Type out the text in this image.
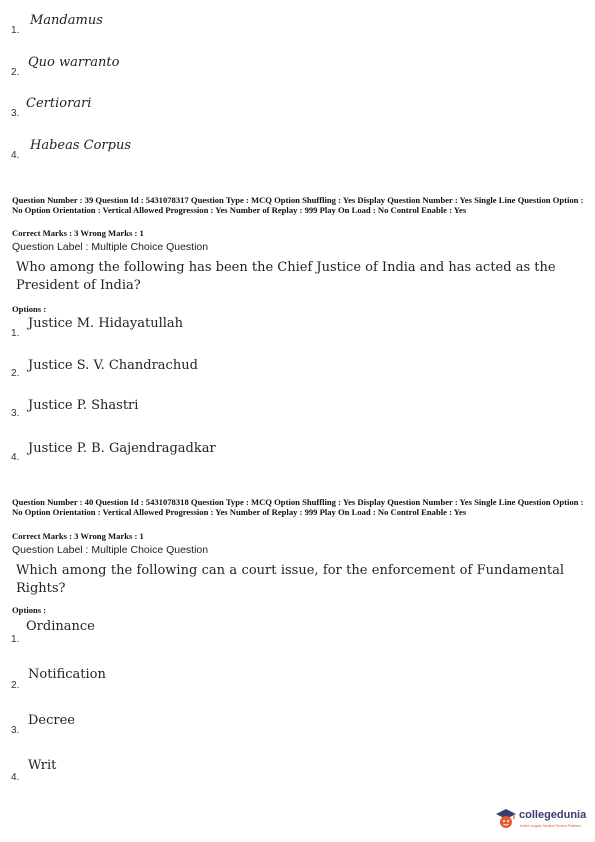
Mandamus
1.
Quo warranto
2.
Certiorari
3.
Habeas Corpus
4.
Question Number : 39 Question Id : 5431078317 Question Type : MCQ Option Shuffling : Yes Display Question Number : Yes Single Line Question Option : No Option Orientation : Vertical Allowed Progression : Yes Number of Replay : 999 Play On Load : No Control Enable : Yes
Correct Marks : 3 Wrong Marks : 1
Question Label : Multiple Choice Question
Who among the following has been the Chief Justice of India and has acted as the President of India?
Options :
Justice M. Hidayatullah
1.
Justice S. V. Chandrachud
2.
Justice P. Shastri
3.
Justice P. B. Gajendragadkar
4.
Question Number : 40 Question Id : 5431078318 Question Type : MCQ Option Shuffling : Yes Display Question Number : Yes Single Line Question Option : No Option Orientation : Vertical Allowed Progression : Yes Number of Replay : 999 Play On Load : No Control Enable : Yes
Correct Marks : 3 Wrong Marks : 1
Question Label : Multiple Choice Question
Which among the following can a court issue, for the enforcement of Fundamental Rights?
Options :
Ordinance
1.
Notification
2.
Decree
3.
Writ
4.
collegedunia
India's largest Student Review Platform
